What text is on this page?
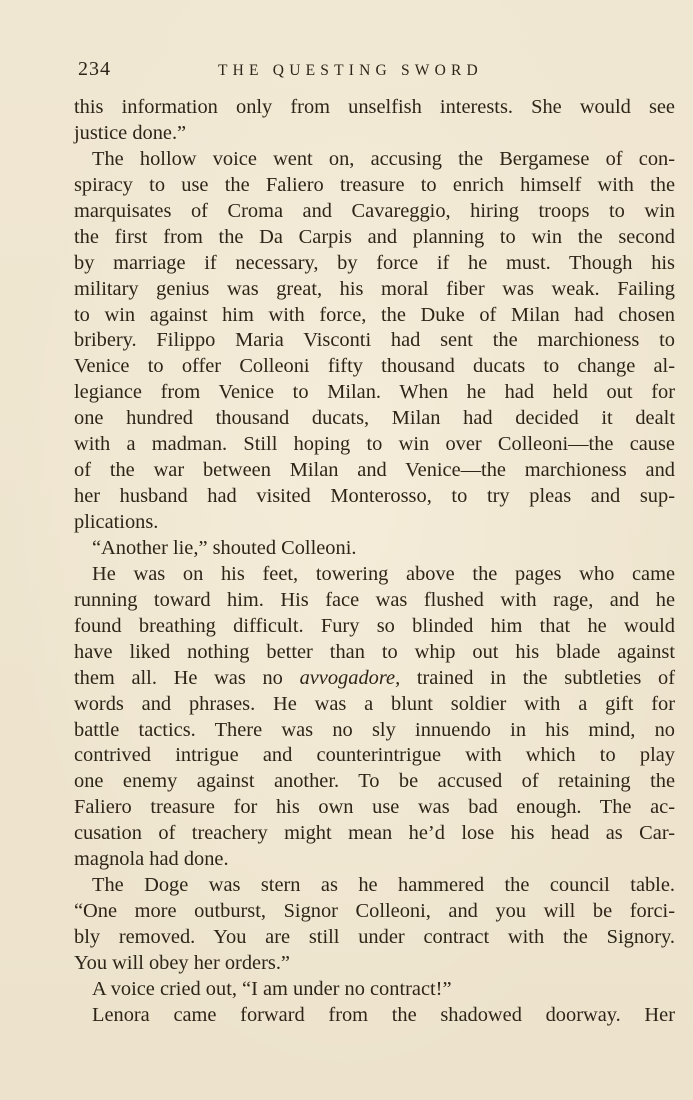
234	THE QUESTING SWORD
this information only from unselfish interests. She would see
justice done.”
The hollow voice went on, accusing the Bergamese of con-
spiracy to use the Faliero treasure to enrich himself with the
marquisates of Croma and Cavareggio, hiring troops to win
the first from the Da Carpis and planning to win the second
by marriage if necessary, by force if he must. Though his
military genius was great, his moral fiber was weak. Failing
to win against him with force, the Duke of Milan had chosen
bribery. Filippo Maria Visconti had sent the marchioness to
Venice to offer Colleoni fifty thousand ducats to change al-
legiance from Venice to Milan. When he had held out for
one hundred thousand ducats, Milan had decided it dealt
with a madman. Still hoping to win over Colleoni—the cause
of the war between Milan and Venice—the marchioness and
her husband had visited Monterosso, to try pleas and sup-
plications.
“Another lie,” shouted Colleoni.
He was on his feet, towering above the pages who came
running toward him. His face was flushed with rage, and he
found breathing difficult. Fury so blinded him that he would
have liked nothing better than to whip out his blade against
them all. He was no avvogadore, trained in the subtleties of
words and phrases. He was a blunt soldier with a gift for
battle tactics. There was no sly innuendo in his mind, no
contrived intrigue and counterintrigue with which to play
one enemy against another. To be accused of retaining the
Faliero treasure for his own use was bad enough. The ac-
cusation of treachery might mean he’d lose his head as Car-
magnola had done.
The Doge was stern as he hammered the council table.
“One more outburst, Signor Colleoni, and you will be forci-
bly removed. You are still under contract with the Signory.
You will obey her orders.”
A voice cried out, “I am under no contract!”
Lenora came forward from the shadowed doorway. Her
